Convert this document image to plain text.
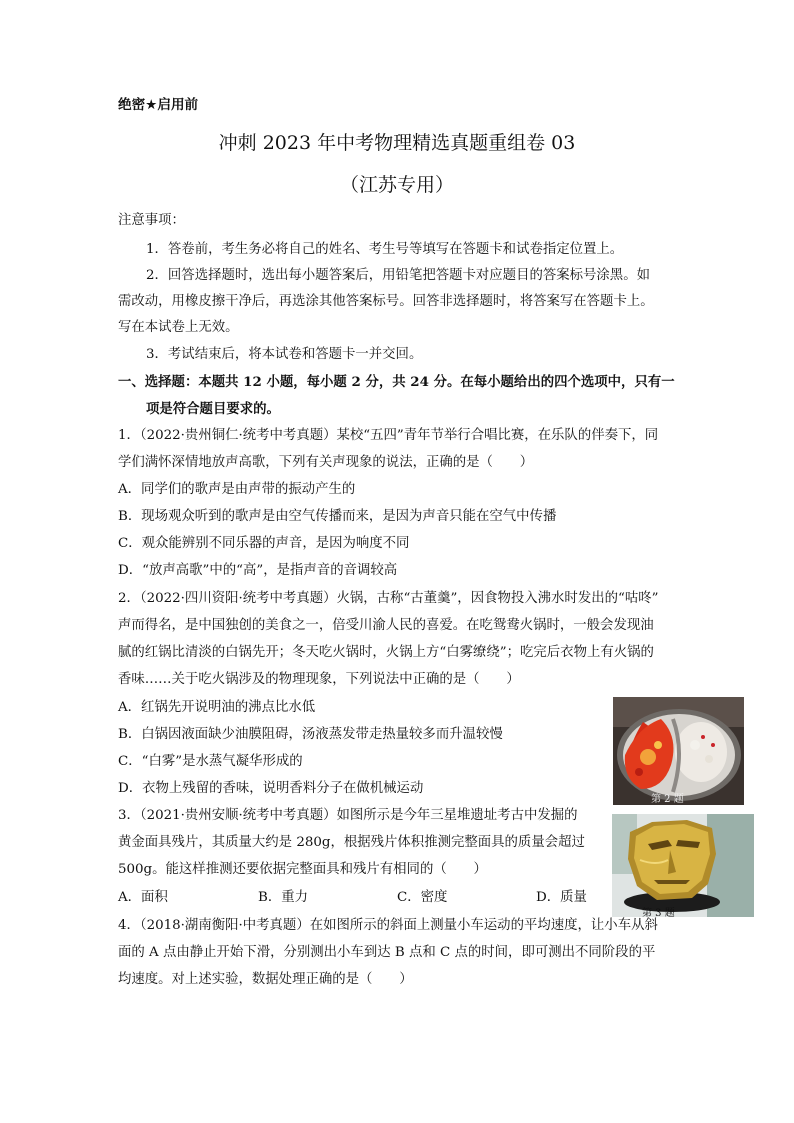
绝密★启用前
冲刺 2023 年中考物理精选真题重组卷 03
（江苏专用）
注意事项：
1．答卷前，考生务必将自己的姓名、考生号等填写在答题卡和试卷指定位置上。
2．回答选择题时，选出每小题答案后，用铅笔把答题卡对应题目的答案标号涂黑。如
需改动，用橡皮擦干净后，再选涂其他答案标号。回答非选择题时，将答案写在答题卡上。
写在本试卷上无效。
3．考试结束后，将本试卷和答题卡一并交回。
一、选择题：本题共 12 小题，每小题 2 分，共 24 分。在每小题给出的四个选项中，只有一
项是符合题目要求的。
1．（2022·贵州铜仁·统考中考真题）某校“五四”青年节举行合唱比赛，在乐队的伴奏下，同
学们满怀深情地放声高歌，下列有关声现象的说法，正确的是（　　）
A．同学们的歌声是由声带的振动产生的
B．现场观众听到的歌声是由空气传播而来，是因为声音只能在空气中传播
C．观众能辨别不同乐器的声音，是因为响度不同
D．“放声高歌”中的“高”，是指声音的音调较高
2．（2022·四川资阳·统考中考真题）火锅，古称“古董羹”，因食物投入沸水时发出的“咕咚”
声而得名，是中国独创的美食之一，倍受川渝人民的喜爱。在吃鸳鸯火锅时，一般会发现油
腻的红锅比清淡的白锅先开；冬天吃火锅时，火锅上方“白雾缭绕”；吃完后衣物上有火锅的
香味……关于吃火锅涉及的物理现象，下列说法中正确的是（　　）
A．红锅先开说明油的沸点比水低
B．白锅因液面缺少油膜阻碍，汤液蒸发带走热量较多而升温较慢
C．“白雾”是水蒸气凝华形成的
D．衣物上残留的香味，说明香料分子在做机械运动
第 2 题
3．（2021·贵州安顺·统考中考真题）如图所示是今年三星堆遗址考古中发掘的
黄金面具残片，其质量大约是 280g，根据残片体积推测完整面具的质量会超过
500g。能这样推测还要依据完整面具和残片有相同的（　　）
A．面积	B．重力	C．密度	D．质量
第 3 题
4．（2018·湖南衡阳·中考真题）在如图所示的斜面上测量小车运动的平均速度，让小车从斜
面的 A 点由静止开始下滑，分别测出小车到达 B 点和 C 点的时间，即可测出不同阶段的平
均速度。对上述实验，数据处理正确的是（　　）
